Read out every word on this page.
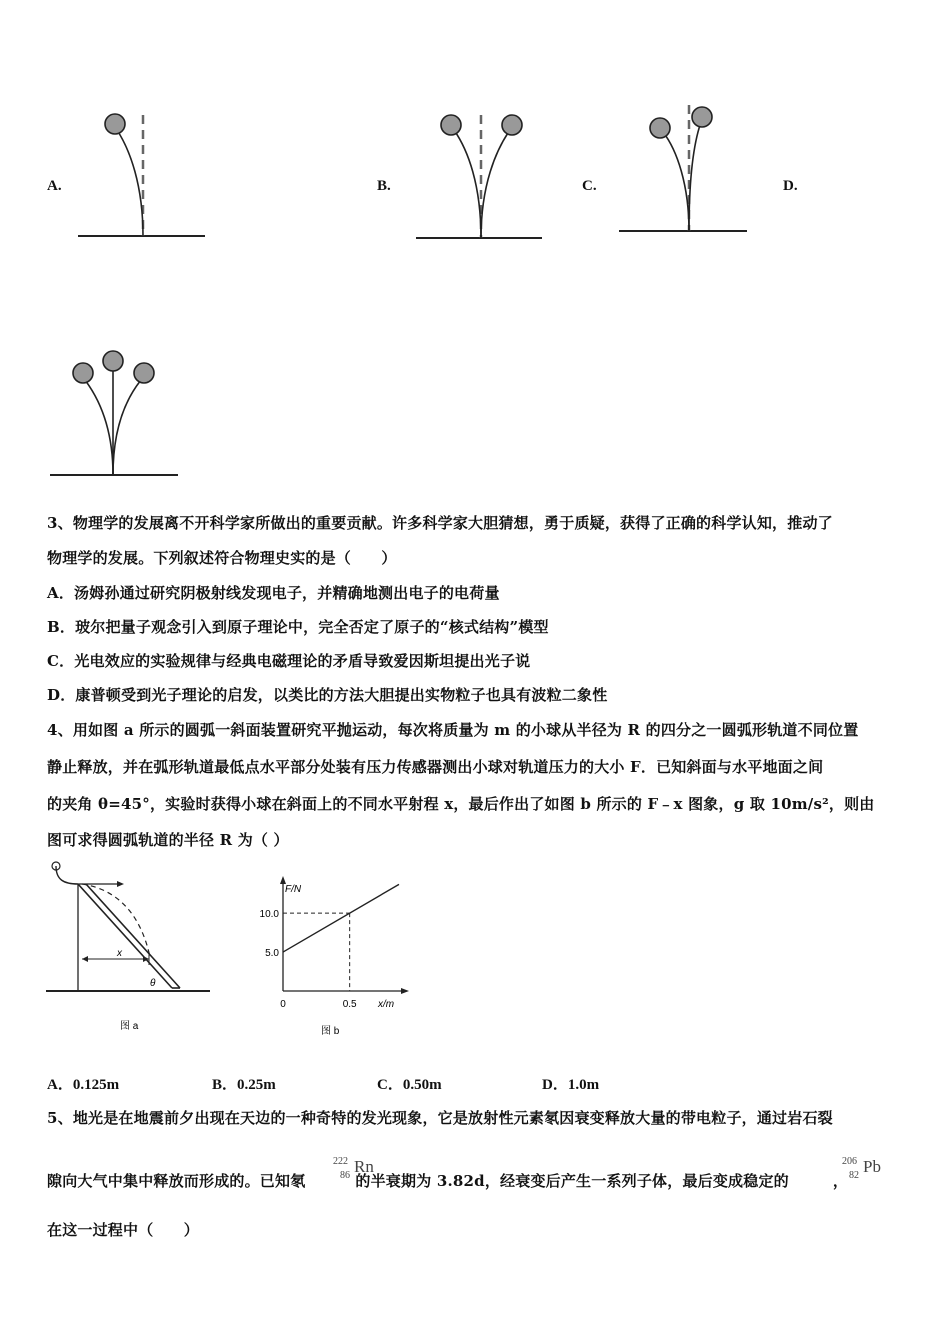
A.	B.	C.	D.
3、物理学的发展离不开科学家所做出的重要贡献。许多科学家大胆猜想，勇于质疑，获得了正确的科学认知，推动了
物理学的发展。下列叙述符合物理史实的是（　　）
A．汤姆孙通过研究阴极射线发现电子，并精确地测出电子的电荷量
B．玻尔把量子观念引入到原子理论中，完全否定了原子的“核式结构”模型
C．光电效应的实验规律与经典电磁理论的矛盾导致爱因斯坦提出光子说
D．康普顿受到光子理论的启发，以类比的方法大胆提出实物粒子也具有波粒二象性
4、用如图 a 所示的圆弧一斜面装置研究平抛运动，每次将质量为 m 的小球从半径为 R 的四分之一圆弧形轨道不同位置
静止释放，并在弧形轨道最低点水平部分处装有压力传感器测出小球对轨道压力的大小 F．已知斜面与水平地面之间
的夹角 θ=45°，实验时获得小球在斜面上的不同水平射程 x，最后作出了如图 b 所示的 F﹣x 图象，g 取 10m/s²，则由
图可求得圆弧轨道的半径 R 为（ ）
x
θ
图 a
5.0
10.0
0	0.5
F/N
x/m
图 b
A．0.125m	B．0.25m	C．0.50m	D．1.0m
5、地光是在地震前夕出现在天边的一种奇特的发光现象，它是放射性元素氡因衰变释放大量的带电粒子，通过岩石裂
隙向大气中集中释放而形成的。已知氡	的半衰期为 3.82d，经衰变后产生一系列子体，最后变成稳定的	，
222
86 Rn	206
82 Pb
在这一过程中（　　）
